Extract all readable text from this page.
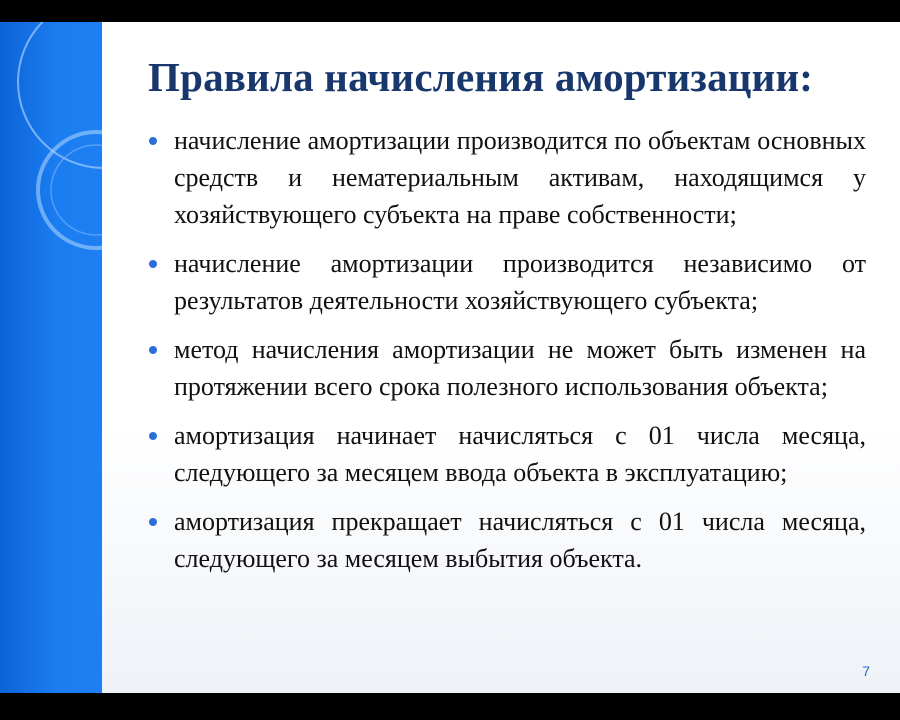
Правила начисления амортизации:
начисление амортизации производится по объектам основных средств и нематериальным активам, находящимся у хозяйствующего субъекта на праве собственности;
начисление амортизации производится независимо от результатов деятельности хозяйствующего субъекта;
метод начисления амортизации не может быть изменен на протяжении всего срока полезного использования объекта;
амортизация начинает начисляться с 01 числа месяца, следующего за месяцем ввода объекта в эксплуатацию;
амортизация прекращает начисляться с 01 числа месяца, следующего за месяцем выбытия объекта.
7
